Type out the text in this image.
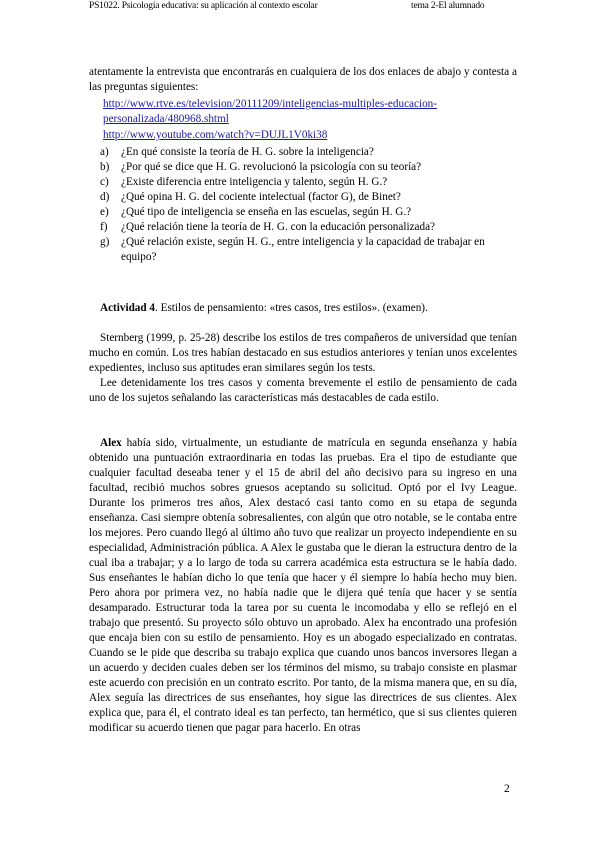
PS1022. Psicología educativa: su aplicación al contexto escolar	tema 2-El alumnado

atentamente la entrevista que encontrarás en cualquiera de los dos enlaces de abajo y contesta a las preguntas siguientes:

http://www.rtve.es/television/20111209/inteligencias-multiples-educacion-personalizada/480968.shtml
http://www.youtube.com/watch?v=DUJL1V0ki38
a) ¿En qué consiste la teoría de H. G. sobre la inteligencia?
b) ¿Por qué se dice que H. G. revolucionó la psicología con su teoría?
c) ¿Existe diferencia entre inteligencia y talento, según H. G.?
d) ¿Qué opina H. G. del cociente intelectual (factor G), de Binet?
e) ¿Qué tipo de inteligencia se enseña en las escuelas, según H. G.?
f) ¿Qué relación tiene la teoría de H. G. con la educación personalizada?
g) ¿Qué relación existe, según H. G., entre inteligencia y la capacidad de trabajar en equipo?

Actividad 4. Estilos de pensamiento: «tres casos, tres estilos». (examen).

Sternberg (1999, p. 25-28) describe los estilos de tres compañeros de universidad que tenían mucho en común. Los tres habían destacado en sus estudios anteriores y tenían unos excelentes expedientes, incluso sus aptitudes eran similares según los tests.

Lee detenidamente los tres casos y comenta brevemente el estilo de pensamiento de cada uno de los sujetos señalando las características más destacables de cada estilo.

Alex había sido, virtualmente, un estudiante de matrícula en segunda enseñanza y había obtenido una puntuación extraordinaria en todas las pruebas. Era el tipo de estudiante que cualquier facultad deseaba tener y el 15 de abril del año decisivo para su ingreso en una facultad, recibió muchos sobres gruesos aceptando su solicitud. Optó por el Ivy League. Durante los primeros tres años, Alex destacó casi tanto como en su etapa de segunda enseñanza. Casi siempre obtenía sobresalientes, con algún que otro notable, se le contaba entre los mejores. Pero cuando llegó al último año tuvo que realizar un proyecto independiente en su especialidad, Administración pública. A Alex le gustaba que le dieran la estructura dentro de la cual iba a trabajar; y a lo largo de toda su carrera académica esta estructura se le había dado. Sus enseñantes le habían dicho lo que tenía que hacer y él siempre lo había hecho muy bien. Pero ahora por primera vez, no había nadie que le dijera qué tenía que hacer y se sentía desamparado. Estructurar toda la tarea por su cuenta le incomodaba y ello se reflejó en el trabajo que presentó. Su proyecto sólo obtuvo un aprobado. Alex ha encontrado una profesión que encaja bien con su estilo de pensamiento. Hoy es un abogado especializado en contratas. Cuando se le pide que describa su trabajo explica que cuando unos bancos inversores llegan a un acuerdo y deciden cuales deben ser los términos del mismo, su trabajo consiste en plasmar este acuerdo con precisión en un contrato escrito. Por tanto, de la misma manera que, en su día, Alex seguía las directrices de sus enseñantes, hoy sigue las directrices de sus clientes. Alex explica que, para él, el contrato ideal es tan perfecto, tan hermético, que si sus clientes quieren modificar su acuerdo tienen que pagar para hacerlo. En otras

2
